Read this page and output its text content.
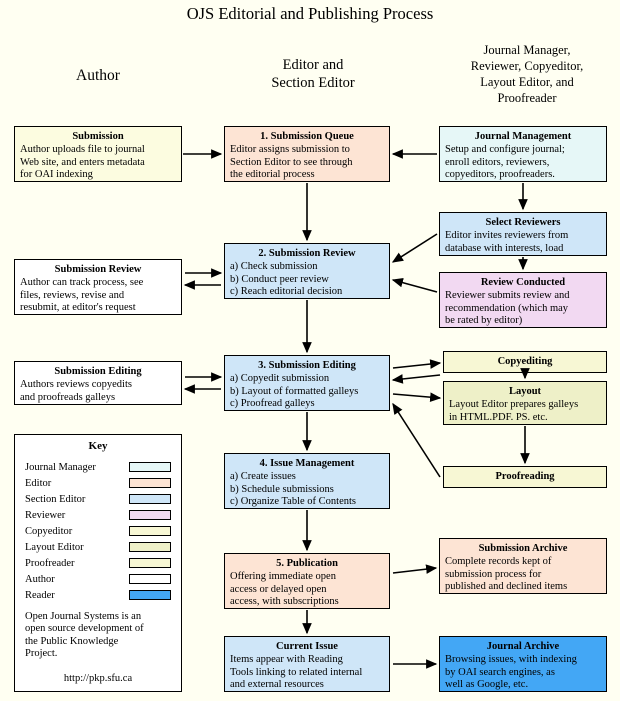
OJS Editorial and Publishing Process
Author
Editor and
Section Editor
Journal Manager,
Reviewer, Copyeditor,
Layout Editor, and
Proofreader
Submission
Author uploads file to journal
Web site, and enters metadata
for OAI indexing
1. Submission Queue
Editor assigns submission to
Section Editor to see through
the editorial process
Journal Management
Setup and configure journal;
enroll editors, reviewers,
copyeditors, proofreaders.
Select Reviewers
Editor invites reviewers from
database with interests, load
Submission Review
Author can track process, see
files, reviews, revise and
resubmit, at editor's request
2. Submission Review
a) Check submission
b) Conduct peer review
c) Reach editorial decision
Review Conducted
Reviewer submits review and
recommendation (which may
be rated by editor)
Submission Editing
Authors reviews copyedits
and proofreads galleys
3. Submission Editing
a) Copyedit submission
b) Layout of formatted galleys
c) Proofread galleys
Copyediting
Layout
Layout Editor prepares galleys
in HTML.PDF. PS. etc.
Proofreading
4. Issue Management
a) Create issues
b) Schedule submissions
c) Organize Table of Contents
5. Publication
Offering immediate open
access or delayed open
access, with subscriptions
Submission Archive
Complete records kept of
submission process for
published and declined items
Current Issue
Items appear with Reading
Tools linking to related internal
and external resources
Journal Archive
Browsing issues, with indexing
by OAI search engines, as
well as Google, etc.
Key
Journal Manager
Editor
Section Editor
Reviewer
Copyeditor
Layout Editor
Proofreader
Author
Reader
Open Journal Systems is an
open source development of
the Public Knowledge
Project.
http://pkp.sfu.ca
